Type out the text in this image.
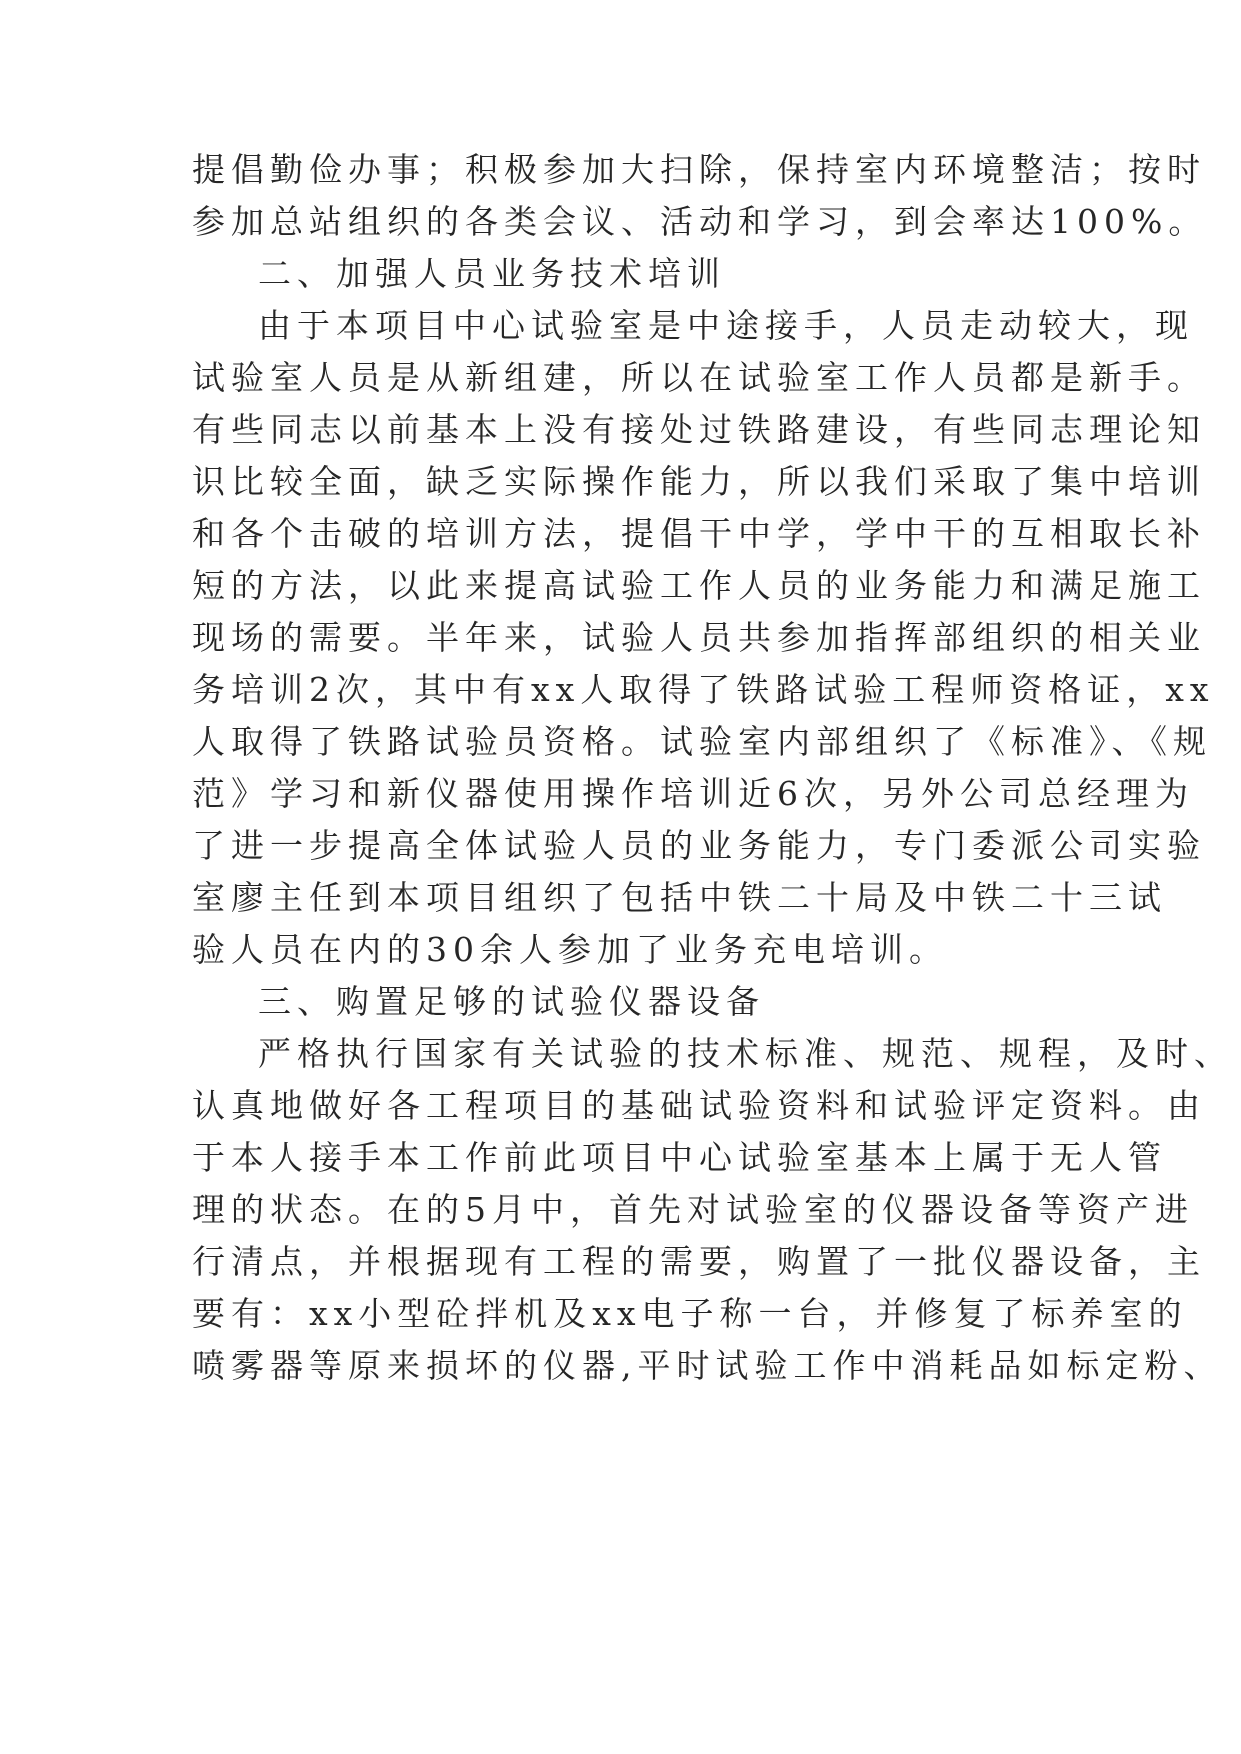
提倡勤俭办事；积极参加大扫除，保持室内环境整洁；按时
参加总站组织的各类会议、活动和学习，到会率达100%。
二、加强人员业务技术培训
由于本项目中心试验室是中途接手，人员走动较大，现
试验室人员是从新组建，所以在试验室工作人员都是新手。
有些同志以前基本上没有接处过铁路建设，有些同志理论知
识比较全面，缺乏实际操作能力，所以我们采取了集中培训
和各个击破的培训方法，提倡干中学，学中干的互相取长补
短的方法，以此来提高试验工作人员的业务能力和满足施工
现场的需要。半年来，试验人员共参加指挥部组织的相关业
务培训2次，其中有xx人取得了铁路试验工程师资格证，xx
人取得了铁路试验员资格。试验室内部组织了《标准》、《规
范》学习和新仪器使用操作培训近6次，另外公司总经理为
了进一步提高全体试验人员的业务能力，专门委派公司实验
室廖主任到本项目组织了包括中铁二十局及中铁二十三试
验人员在内的30余人参加了业务充电培训。
三、购置足够的试验仪器设备
严格执行国家有关试验的技术标准、规范、规程，及时、
认真地做好各工程项目的基础试验资料和试验评定资料。由
于本人接手本工作前此项目中心试验室基本上属于无人管
理的状态。在的5月中，首先对试验室的仪器设备等资产进
行清点，并根据现有工程的需要，购置了一批仪器设备，主
要有：xx小型砼拌机及xx电子称一台，并修复了标养室的
喷雾器等原来损坏的仪器,平时试验工作中消耗品如标定粉、
